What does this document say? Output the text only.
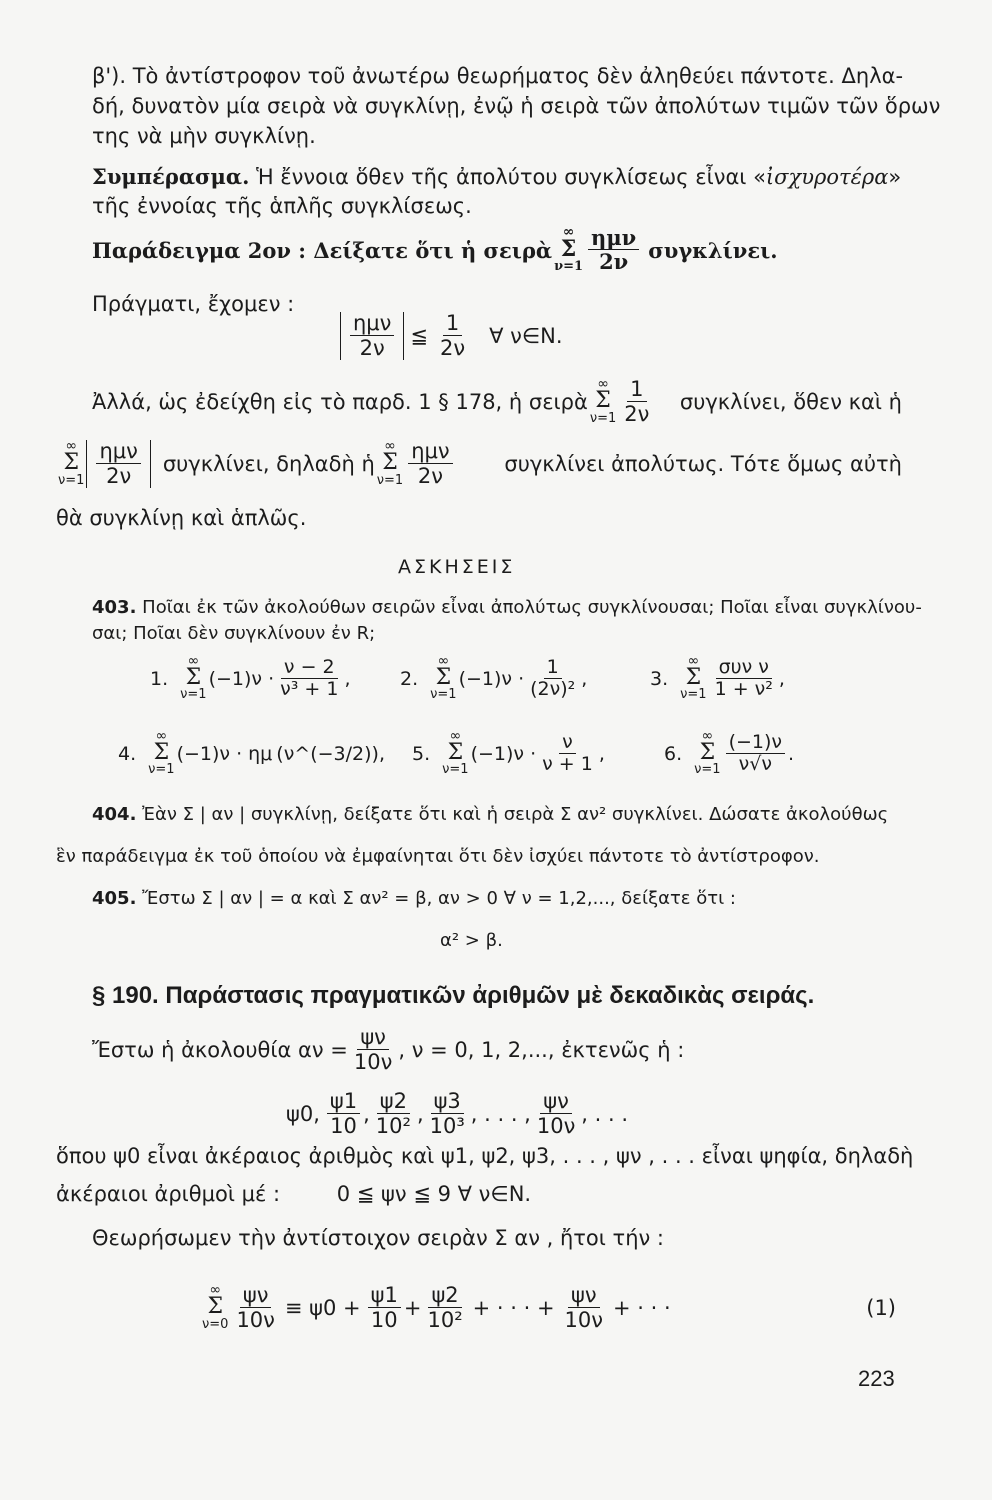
β'). Τὸ ἀντίστροφον τοῦ ἀνωτέρω θεωρήματος δὲν ἀληθεύει πάντοτε. Δηλα-
δή, δυνατὸν μία σειρὰ νὰ συγκλίνῃ, ἐνῷ ἡ σειρὰ τῶν ἀπολύτων τιμῶν τῶν ὅρων
της νὰ μὴν συγκλίνῃ.
Συμπέρασμα. Ἡ ἔννοια ὅθεν τῆς ἀπολύτου συγκλίσεως εἶναι «ἰσχυροτέρα»
τῆς ἐννοίας τῆς ἁπλῆς συγκλίσεως.
Παράδειγμα 2ον : Δείξατε ὅτι ἡ σειρὰ
∞
Σ
$\nu=1 \frac{\text{ημν}}{2\nu} \sigma\upsilon\gamma\kappa\lambda ί\nu\varepsilon\iota$.
Πράγματι, ἔχομεν :
$\frac{\text{ημν}}{2\nu}$ ≦ $\frac{1}{2\nu}$ ∀ ν∈N.
Ἀλλά, ὡς ἐδείχθη εἰς τὸ παρδ. 1 § 178, ἡ σειρὰ
∞
Σ
$\nu=1 \frac{1}{2\nu} \sigma\upsilon\gamma\kappa\lambda ί\nu\varepsilon\iota$, ὅθεν καὶ ἡ
∞
Σ
$\nu=1 \frac{\text{ημν}}{2\nu} \sigma\upsilon\gamma\kappa\lambda ί\nu\varepsilon\iota$, δηλαδὴ ἡ
∞
Σ
$\nu=1 \frac{\text{ημν}}{2\nu}$ συγκλίνει ἀπολύτως. Τότε ὅμως αὐτὴ
θὰ συγκλίνῃ καὶ ἁπλῶς.
ΑΣΚΗΣΕΙΣ
403. Ποῖαι ἐκ τῶν ἀκολούθων σειρῶν εἶναι ἀπολύτως συγκλίνουσαι; Ποῖαι εἶναι συγκλίνου-
σαι; Ποῖαι δὲν συγκλίνουν ἐν R;
1.
∞
Σ
ν=1
$(-1)\nu \cdot \frac{\nu - 2}{\text{ν³ + 1}}$ ,	2.
∞
Σ
ν=1
$(-1)\nu \cdot \frac{1}{\text{(2ν)²}}$ ,	3.
∞
Σ
$\nu=1 \frac{\text{συν ν}}{\text{1 + ν²}}$ ,
4.
∞
Σ
ν=1
(−1)ν · ημ (ν^(−3/2)) , 5.
∞
Σ
ν=1
$(-1)\nu \cdot \frac{\nu}{\nu + 1}$ ,	6.
∞
Σ
$\nu=1 \frac{(-1)\nu}{\nu√\nu}$ .
404. Ἐὰν Σ | αν | συγκλίνῃ, δείξατε ὅτι καὶ ἡ σειρὰ Σ αν² συγκλίνει. Δώσατε ἀκολούθως
ἓν παράδειγμα ἐκ τοῦ ὁποίου νὰ ἐμφαίνηται ὅτι δὲν ἰσχύει πάντοτε τὸ ἀντίστροφον.
405. Ἔστω Σ | αν | = α καὶ Σ αν² = β, αν > 0 ∀ ν = 1,2,..., δείξατε ὅτι :
α² > β.
§ 190. Παράστασις πραγματικῶν ἀριθμῶν μὲ δεκαδικὰς σειράς.
Ἔστω ἡ ἀκολουθία $\alpha\nu = \frac{\psi\nu}{10\nu}$ , ν = 0, 1, 2,..., ἐκτενῶς ἡ :
ψ0, $\frac{\psi 1}{10}$ , $\frac{\psi 2}{\text{10²}}$ , $\frac{\psi 3}{\text{10³}}$ , . . . , $\frac{\psi\nu}{10\nu}$ , . . .
ὅπου ψ0 εἶναι ἀκέραιος ἀριθμὸς καὶ ψ1, ψ2, ψ3, . . . , ψν , . . . εἶναι ψηφία, δηλαδὴ
ἀκέραιοι ἀριθμοὶ μέ :	0 ≦ ψν ≦ 9 ∀ ν∈N.
Θεωρήσωμεν τὴν ἀντίστοιχον σειρὰν Σ αν , ἤτοι τήν :
∞
Σ
$\nu=0 \frac{\psi\nu}{10\nu} \equiv \psi 0 + \frac{\psi 1}{10} + \frac{\psi 2}{\text{10²}}$ + · · · + $\frac{\psi\nu}{10\nu}$ + · · ·	(1)
223
